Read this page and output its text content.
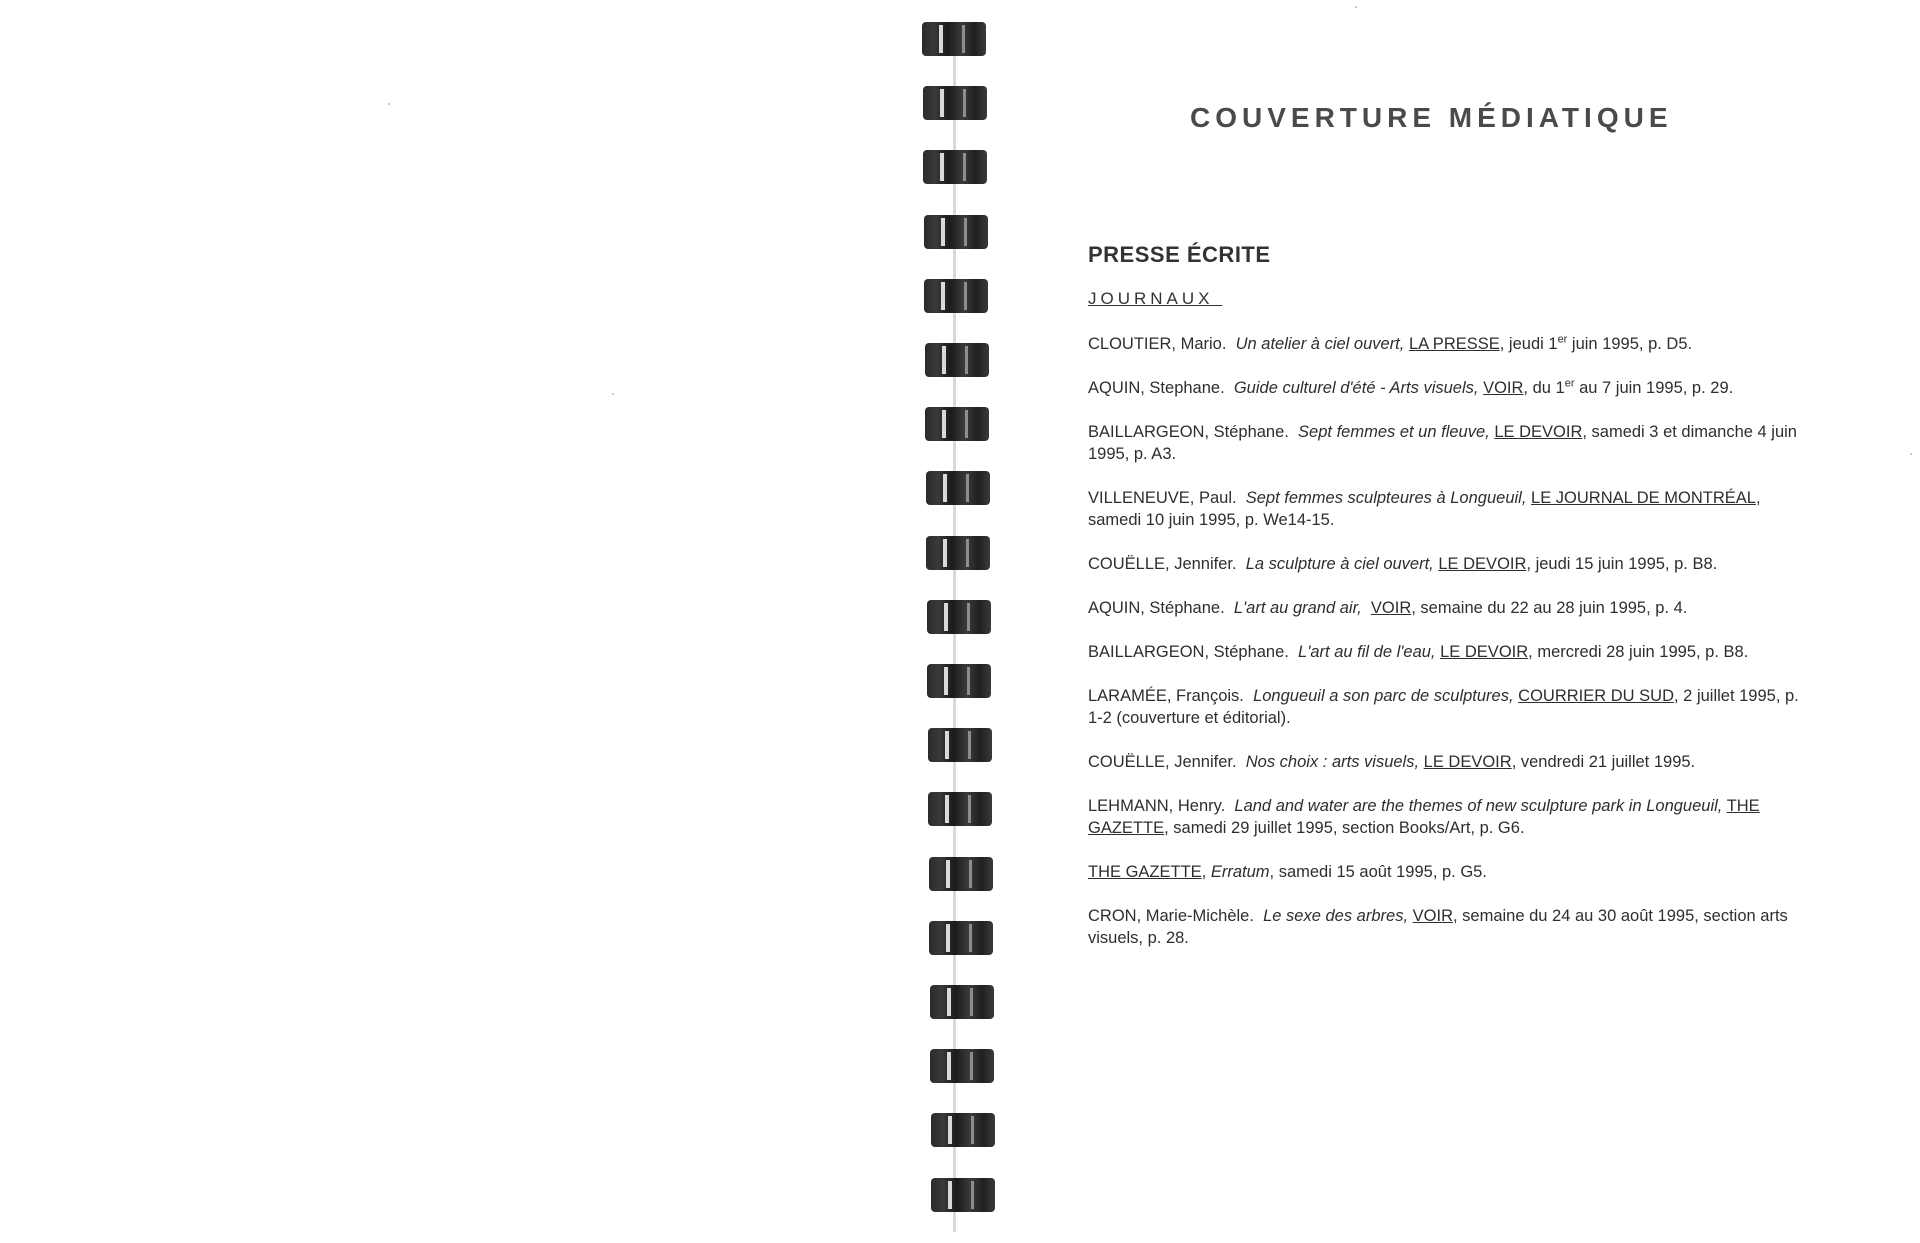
COUVERTURE MÉDIATIQUE
PRESSE ÉCRITE
JOURNAUX
CLOUTIER, Mario. Un atelier à ciel ouvert, LA PRESSE, jeudi 1er juin 1995, p. D5.
AQUIN, Stephane. Guide culturel d'été - Arts visuels, VOIR, du 1er au 7 juin 1995, p. 29.
BAILLARGEON, Stéphane. Sept femmes et un fleuve, LE DEVOIR, samedi 3 et dimanche 4 juin 1995, p. A3.
VILLENEUVE, Paul. Sept femmes sculpteures à Longueuil, LE JOURNAL DE MONTRÉAL, samedi 10 juin 1995, p. We14-15.
COUËLLE, Jennifer. La sculpture à ciel ouvert, LE DEVOIR, jeudi 15 juin 1995, p. B8.
AQUIN, Stéphane. L'art au grand air, VOIR, semaine du 22 au 28 juin 1995, p. 4.
BAILLARGEON, Stéphane. L'art au fil de l'eau, LE DEVOIR, mercredi 28 juin 1995, p. B8.
LARAMÉE, François. Longueuil a son parc de sculptures, COURRIER DU SUD, 2 juillet 1995, p. 1-2 (couverture et éditorial).
COUËLLE, Jennifer. Nos choix : arts visuels, LE DEVOIR, vendredi 21 juillet 1995.
LEHMANN, Henry. Land and water are the themes of new sculpture park in Longueuil, THE GAZETTE, samedi 29 juillet 1995, section Books/Art, p. G6.
THE GAZETTE, Erratum, samedi 15 août 1995, p. G5.
CRON, Marie-Michèle. Le sexe des arbres, VOIR, semaine du 24 au 30 août 1995, section arts visuels, p. 28.
